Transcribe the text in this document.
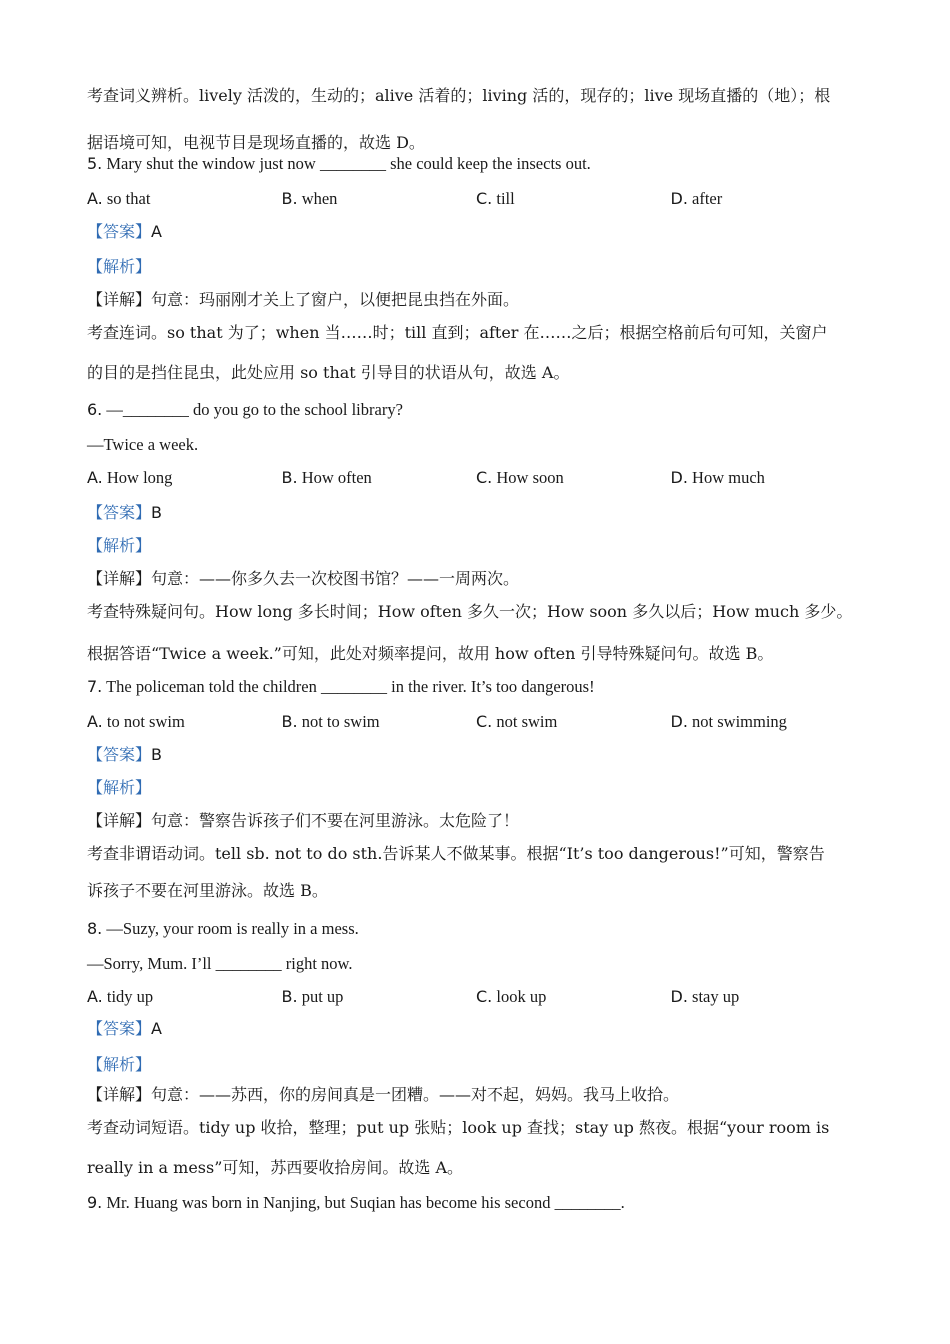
考查词义辨析。lively 活泼的，生动的；alive 活着的；living 活的，现存的；live 现场直播的（地）；根
据语境可知，电视节目是现场直播的，故选 D。
5. Mary shut the window just now ________ she could keep the insects out.
A. so that	B. when	C. till	D. after
【答案】A
【解析】
【详解】句意：玛丽刚才关上了窗户，以便把昆虫挡在外面。
考查连词。so that 为了；when 当……时；till 直到；after 在……之后；根据空格前后句可知，关窗户
的目的是挡住昆虫，此处应用 so that 引导目的状语从句，故选 A。
6. —________ do you go to the school library?
—Twice a week.
A. How long	B. How often	C. How soon	D. How much
【答案】B
【解析】
【详解】句意：——你多久去一次校图书馆？——一周两次。
考查特殊疑问句。How long 多长时间；How often 多久一次；How soon 多久以后；How much 多少。
根据答语“Twice a week.”可知，此处对频率提问，故用 how often 引导特殊疑问句。故选 B。
7. The policeman told the children ________ in the river. It’s too dangerous!
A. to not swim	B. not to swim	C. not swim	D. not swimming
【答案】B
【解析】
【详解】句意：警察告诉孩子们不要在河里游泳。太危险了！
考查非谓语动词。tell sb. not to do sth.告诉某人不做某事。根据“It’s too dangerous!”可知，警察告
诉孩子不要在河里游泳。故选 B。
8. —Suzy, your room is really in a mess.
—Sorry, Mum. I’ll ________ right now.
A. tidy up	B. put up	C. look up	D. stay up
【答案】A
【解析】
【详解】句意：——苏西，你的房间真是一团糟。——对不起，妈妈。我马上收拾。
考查动词短语。tidy up 收拾，整理；put up 张贴；look up 查找；stay up 熬夜。根据“your room is
really in a mess”可知，苏西要收拾房间。故选 A。
9. Mr. Huang was born in Nanjing, but Suqian has become his second ________.
